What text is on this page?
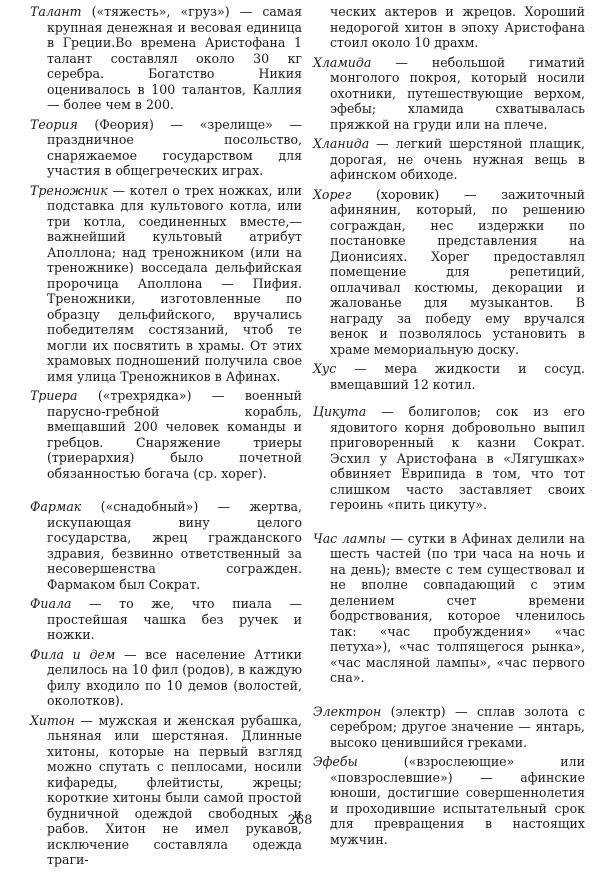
Талант («тяжесть», «груз») — самая крупная денежная и весовая единица в Греции.Во времена Аристофана 1 талант составлял около 30 кг серебра. Богатство Никия оценивалось в 100 талантов, Каллия — более чем в 200.

Теория (Феория) — «зрелище» — праздничное посольство, снаряжаемое государством для участия в общегреческих играх.

Треножник — котел о трех ножках, или подставка для культового котла, или три котла, соединенных вместе,— важнейший культовый атрибут Аполлона; над треножником (или на треножнике) восседала дельфийская пророчица Аполлона — Пифия. Треножники, изготовленные по образцу дельфийского, вручались победителям состязаний, чтоб те могли их посвятить в храмы. От этих храмовых подношений получила свое имя улица Треножников в Афинах.

Триера («трехрядка») — военный парусно-гребной корабль, вмещавший 200 человек команды и гребцов. Снаряжение триеры (триерархия) было почетной обязанностью богача (ср. хорег).

Фармак («снадобный») — жертва, искупающая вину целого государства, жрец гражданского здравия, безвинно ответственный за несовершенства согражден. Фармаком был Сократ.

Фиала — то же, что пиала — простейшая чашка без ручек и ножки.

Фила и дем — все население Аттики делилось на 10 фил (родов), в каждую филу входило по 10 демов (волостей, околотков).

Хитон — мужская и женская рубашка, льняная или шерстяная. Длинные хитоны, которые на первый взгляд можно спутать с пеплосами, носили кифареды, флейтисты, жрецы; короткие хитоны были самой простой будничной одеждой свободных и рабов. Хитон не имел рукавов, исключение составляла одежда траги-

ческих актеров и жрецов. Хороший недорогой хитон в эпоху Аристофана стоил около 10 драхм.

Хламида — небольшой гиматий монголого покроя, который носили охотники, путешествующие верхом, эфебы; хламида схватывалась пряжкой на груди или на плече.

Хланида — легкий шерстяной плащик, дорогая, не очень нужная вещь в афинском обиходе.

Хорег (хоровик) — зажиточный афинянин, который, по решению сограждан, нес издержки по постановке представления на Дионисиях. Хорег предоставлял помещение для репетиций, оплачивал костюмы, декорации и жалованье для музыкантов. В награду за победу ему вручался венок и позволялось установить в храме мемориальную доску.

Хус — мера жидкости и сосуд. вмещавший 12 котил.

Цикута — болиголов; сок из его ядовитого корня добровольно выпил приговоренный к казни Сократ. Эсхил у Аристофана в «Лягушках» обвиняет Еврипида в том, что тот слишком часто заставляет своих героинь «пить цикуту».

Час лампы — сутки в Афинах делили на шесть частей (по три часа на ночь и на день); вместе с тем существовал и не вполне совпадающий с этим делением счет времени бодрствования, которое членилось так: «час пробуждения» «час петуха»), «час толпящегося рынка», «час масляной лампы», «час первого сна».

Электрон (электр) — сплав золота с серебром; другое значение — янтарь, высоко ценившийся греками.

Эфебы («взрослеющие» или «повзрослевшие») — афинские юноши, достигшие совершеннолетия и проходившие испытательный срок для превращения в настоящих мужчин.

268
